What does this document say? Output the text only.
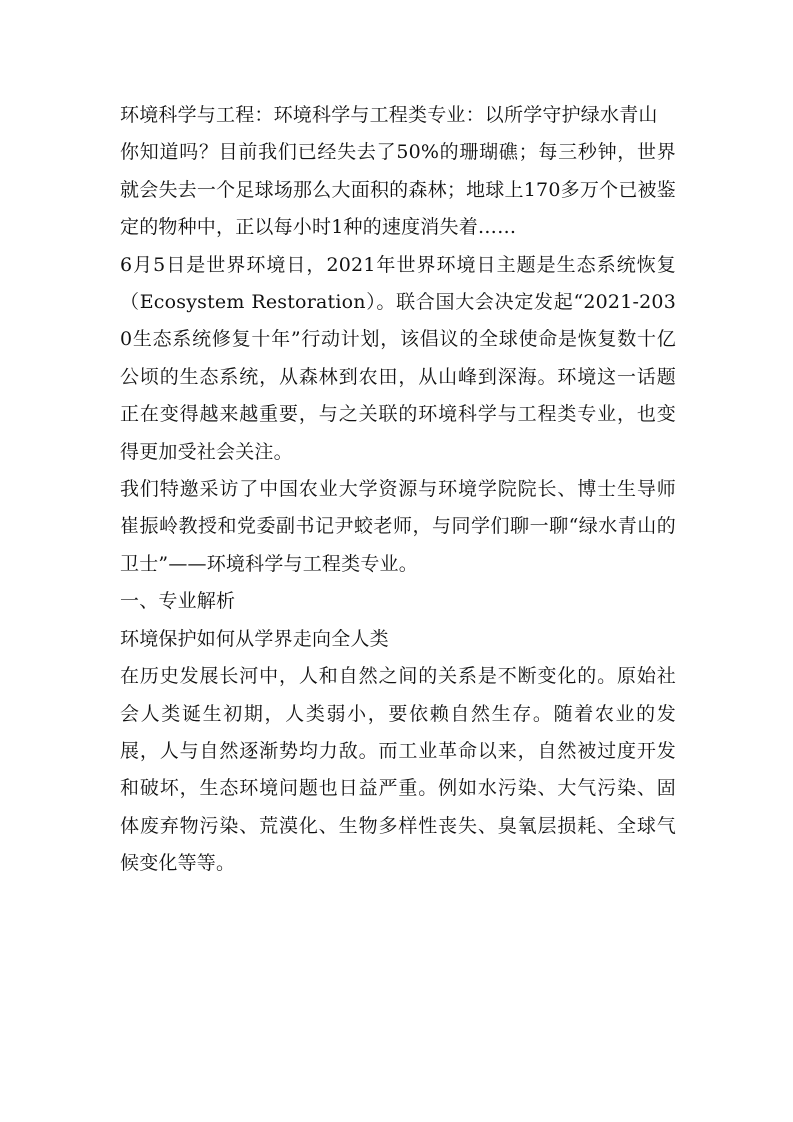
环境科学与工程：环境科学与工程类专业：以所学守护绿水青山

你知道吗？目前我们已经失去了50%的珊瑚礁；每三秒钟，世界就会失去一个足球场那么大面积的森林；地球上170多万个已被鉴定的物种中，正以每小时1种的速度消失着……

6月5日是世界环境日，2021年世界环境日主题是生态系统恢复（Ecosystem Restoration）。联合国大会决定发起“2021-2030生态系统修复十年”行动计划，该倡议的全球使命是恢复数十亿公顷的生态系统，从森林到农田，从山峰到深海。环境这一话题正在变得越来越重要，与之关联的环境科学与工程类专业，也变得更加受社会关注。

我们特邀采访了中国农业大学资源与环境学院院长、博士生导师崔振岭教授和党委副书记尹蛟老师，与同学们聊一聊“绿水青山的卫士”——环境科学与工程类专业。

一、专业解析

环境保护如何从学界走向全人类

在历史发展长河中，人和自然之间的关系是不断变化的。原始社会人类诞生初期，人类弱小，要依赖自然生存。随着农业的发展，人与自然逐渐势均力敌。而工业革命以来，自然被过度开发和破坏，生态环境问题也日益严重。例如水污染、大气污染、固体废弃物污染、荒漠化、生物多样性丧失、臭氧层损耗、全球气候变化等等。
